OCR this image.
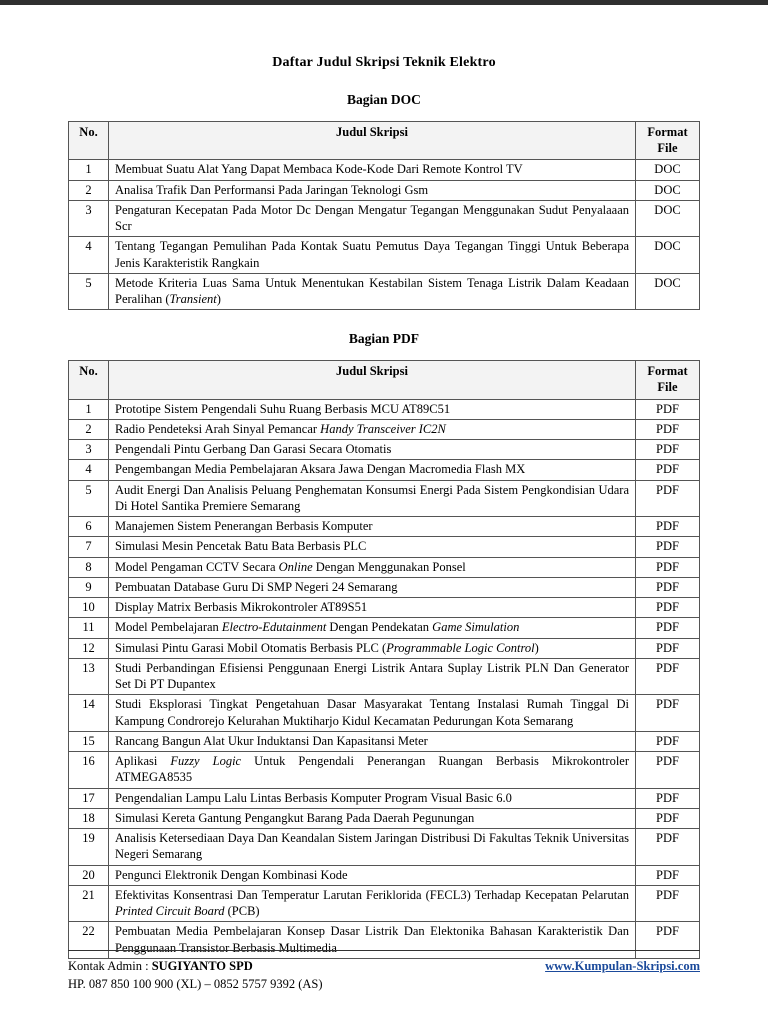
Daftar Judul Skripsi Teknik Elektro
Bagian DOC
No.	Judul Skripsi	Format File
1	Membuat Suatu Alat Yang Dapat Membaca Kode-Kode Dari Remote Kontrol TV	DOC
2	Analisa Trafik Dan Performansi Pada Jaringan Teknologi Gsm	DOC
3	Pengaturan Kecepatan Pada Motor Dc Dengan Mengatur Tegangan Menggunakan Sudut Penyalaaan Scr	DOC
4	Tentang Tegangan Pemulihan Pada Kontak Suatu Pemutus Daya Tegangan Tinggi Untuk Beberapa Jenis Karakteristik Rangkain	DOC
5	Metode Kriteria Luas Sama Untuk Menentukan Kestabilan Sistem Tenaga Listrik Dalam Keadaan Peralihan (Transient)	DOC
Bagian PDF
No.	Judul Skripsi	Format File
1	Prototipe Sistem Pengendali Suhu Ruang Berbasis MCU AT89C51	PDF
2	Radio Pendeteksi Arah Sinyal Pemancar Handy Transceiver IC2N	PDF
3	Pengendali Pintu Gerbang Dan Garasi Secara Otomatis	PDF
4	Pengembangan Media Pembelajaran Aksara Jawa Dengan Macromedia Flash MX	PDF
5	Audit Energi Dan Analisis Peluang Penghematan Konsumsi Energi Pada Sistem Pengkondisian Udara Di Hotel Santika Premiere Semarang	PDF
6	Manajemen Sistem Penerangan Berbasis Komputer	PDF
7	Simulasi Mesin Pencetak Batu Bata Berbasis PLC	PDF
8	Model Pengaman CCTV Secara Online Dengan Menggunakan Ponsel	PDF
9	Pembuatan Database Guru Di SMP Negeri 24 Semarang	PDF
10	Display Matrix Berbasis Mikrokontroler AT89S51	PDF
11	Model Pembelajaran Electro-Edutainment Dengan Pendekatan Game Simulation	PDF
12	Simulasi Pintu Garasi Mobil Otomatis Berbasis PLC (Programmable Logic Control)	PDF
13	Studi Perbandingan Efisiensi Penggunaan Energi Listrik Antara Suplay Listrik PLN Dan Generator Set Di PT Dupantex	PDF
14	Studi Eksplorasi Tingkat Pengetahuan Dasar Masyarakat Tentang Instalasi Rumah Tinggal Di Kampung Condrorejo Kelurahan Muktiharjo Kidul Kecamatan Pedurungan Kota Semarang	PDF
15	Rancang Bangun Alat Ukur Induktansi Dan Kapasitansi Meter	PDF
16	Aplikasi Fuzzy Logic Untuk Pengendali Penerangan Ruangan Berbasis Mikrokontroler ATMEGA8535	PDF
17	Pengendalian Lampu Lalu Lintas Berbasis Komputer Program Visual Basic 6.0	PDF
18	Simulasi Kereta Gantung Pengangkut Barang Pada Daerah Pegunungan	PDF
19	Analisis Ketersediaan Daya Dan Keandalan Sistem Jaringan Distribusi Di Fakultas Teknik Universitas Negeri Semarang	PDF
20	Pengunci Elektronik Dengan Kombinasi Kode	PDF
21	Efektivitas Konsentrasi Dan Temperatur Larutan Feriklorida (FECL3) Terhadap Kecepatan Pelarutan Printed Circuit Board (PCB)	PDF
22	Pembuatan Media Pembelajaran Konsep Dasar Listrik Dan Elektonika Bahasan Karakteristik Dan Penggunaan Transistor Berbasis Multimedia	PDF
Kontak Admin : SUGIYANTO SPD
HP. 087 850 100 900 (XL) – 0852 5757 9392 (AS)
www.Kumpulan-Skripsi.com
